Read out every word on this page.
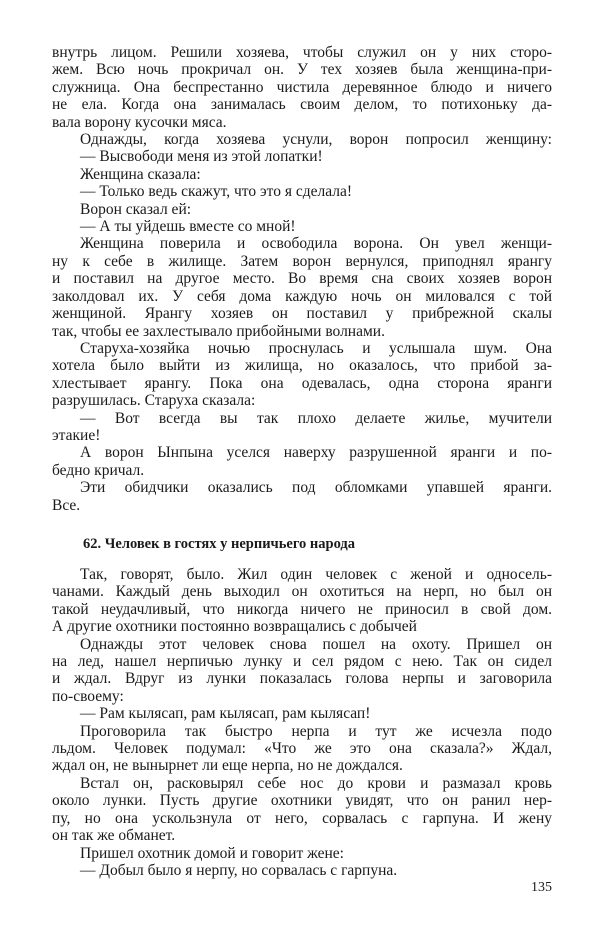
внутрь лицом. Решили хозяева, чтобы служил он у них сторо-

жем. Всю ночь прокричал он. У тех хозяев была женщина-при-

служница. Она беспрестанно чистила деревянное блюдо и ничего

не ела. Когда она занималась своим делом, то потихоньку да-

вала ворону кусочки мяса.

Однажды, когда хозяева уснули, ворон попросил женщину:

— Высвободи меня из этой лопатки!

Женщина сказала:

— Только ведь скажут, что это я сделала!

Ворон сказал ей:

— А ты уйдешь вместе со мной!

Женщина поверила и освободила ворона. Он увел женщи-

ну к себе в жилище. Затем ворон вернулся, приподнял ярангу

и поставил на другое место. Во время сна своих хозяев ворон

заколдовал их. У себя дома каждую ночь он миловался с той

женщиной. Ярангу хозяев он поставил у прибрежной скалы

так, чтобы ее захлестывало прибойными волнами.

Старуха-хозяйка ночью проснулась и услышала шум. Она

хотела было выйти из жилища, но оказалось, что прибой за-

хлестывает ярангу. Пока она одевалась, одна сторона яранги

разрушилась. Старуха сказала:

— Вот всегда вы так плохо делаете жилье, мучители

этакие!

А ворон Ынпына уселся наверху разрушенной яранги и по-

бедно кричал.

Эти обидчики оказались под обломками упавшей яранги.

Все.

62. Человек в гостях у нерпичьего народа

Так, говорят, было. Жил один человек с женой и односель-

чанами. Каждый день выходил он охотиться на нерп, но был он

такой неудачливый, что никогда ничего не приносил в свой дом.

А другие охотники постоянно возвращались с добычей

Однажды этот человек снова пошел на охоту. Пришел он

на лед, нашел нерпичью лунку и сел рядом с нею. Так он сидел

и ждал. Вдруг из лунки показалась голова нерпы и заговорила

по-своему:

— Рам кылясап, рам кылясап, рам кылясап!

Проговорила так быстро нерпа и тут же исчезла подо

льдом. Человек подумал: «Что же это она сказала?» Ждал,

ждал он, не вынырнет ли еще нерпа, но не дождался.

Встал он, расковырял себе нос до крови и размазал кровь

около лунки. Пусть другие охотники увидят, что он ранил нер-

пу, но она ускользнула от него, сорвалась с гарпуна. И жену

он так же обманет.

Пришел охотник домой и говорит жене:

— Добыл было я нерпу, но сорвалась с гарпуна.

135
